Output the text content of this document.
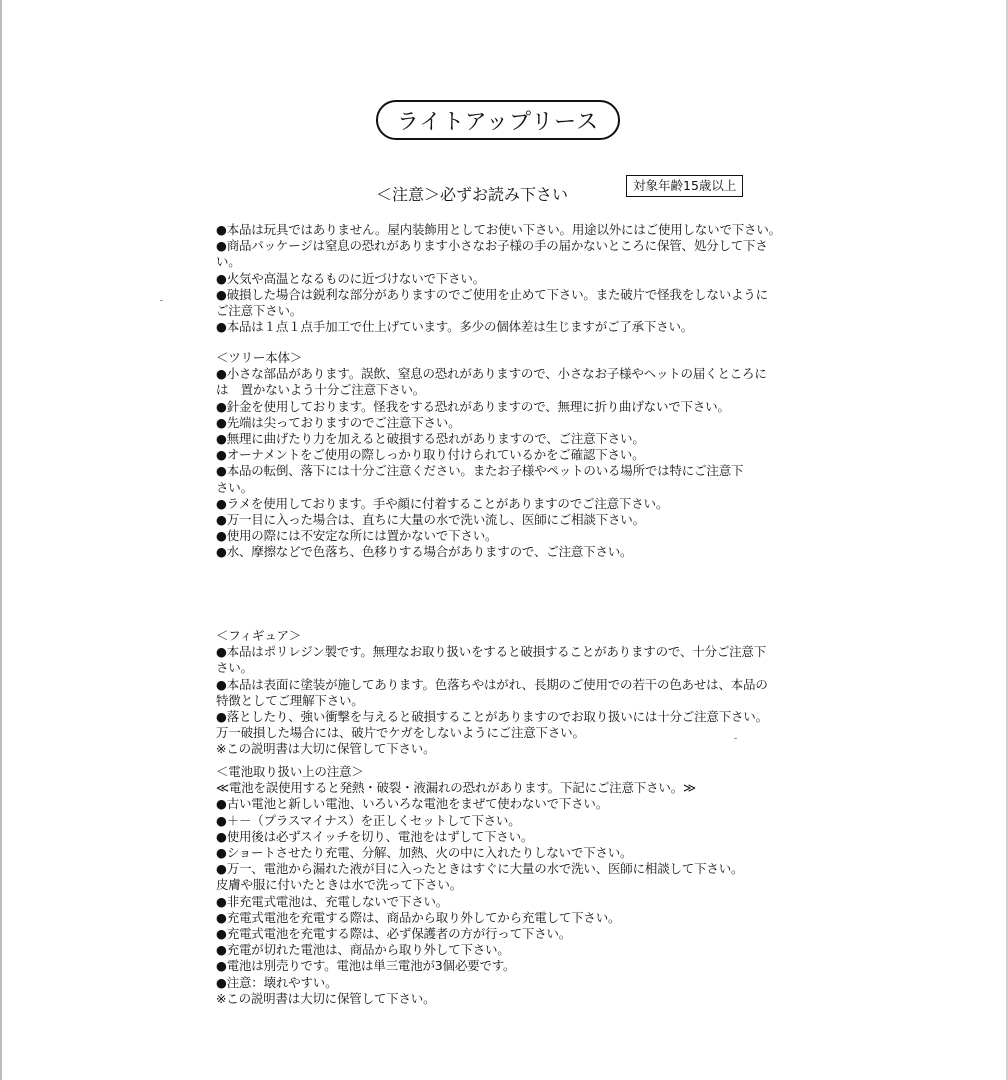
ライトアップリース
＜注意＞必ずお読み下さい	対象年齢15歳以上

●本品は玩具ではありません。屋内装飾用としてお使い下さい。用途以外にはご使用しないで下さい。

●商品パッケージは窒息の恐れがあります小さなお子様の手の届かないところに保管、処分して下さ

い。

●火気や高温となるものに近づけないで下さい。

●破損した場合は鋭利な部分がありますのでご使用を止めて下さい。また破片で怪我をしないように

ご注意下さい。

●本品は１点１点手加工で仕上げています。多少の個体差は生じますがご了承下さい。

＜ツリー本体＞

●小さな部品があります。誤飲、窒息の恐れがありますので、小さなお子様やヘットの届くところに

は　置かないよう十分ご注意下さい。

●針金を使用しております。怪我をする恐れがありますので、無理に折り曲げないで下さい。

●先端は尖っておりますのでご注意下さい。

●無理に曲げたり力を加えると破損する恐れがありますので、ご注意下さい。

●オーナメントをご使用の際しっかり取り付けられているかをご確認下さい。

●本品の転倒、落下には十分ご注意ください。またお子様やペットのいる場所では特にご注意下

さい。

●ラメを使用しております。手や顔に付着することがありますのでご注意下さい。

●万一目に入った場合は、直ちに大量の水で洗い流し、医師にご相談下さい。

●使用の際には不安定な所には置かないで下さい。

●水、摩擦などで色落ち、色移りする場合がありますので、ご注意下さい。

＜フィギュア＞

●本品はポリレジン製です。無理なお取り扱いをすると破損することがありますので、十分ご注意下

さい。

●本品は表面に塗装が施してあります。色落ちやはがれ、長期のご使用での若干の色あせは、本品の

特徴としてご理解下さい。

●落としたり、強い衝撃を与えると破損することがありますのでお取り扱いには十分ご注意下さい。

万一破損した場合には、破片でケガをしないようにご注意下さい。

※この説明書は大切に保管して下さい。

＜電池取り扱い上の注意＞

≪電池を誤使用すると発熱・破裂・液漏れの恐れがあります。下記にご注意下さい。≫

●古い電池と新しい電池、いろいろな電池をまぜて使わないで下さい。

●＋－（プラスマイナス）を正しくセットして下さい。

●使用後は必ずスイッチを切り、電池をはずして下さい。

●ショートさせたり充電、分解、加熱、火の中に入れたりしないで下さい。

●万一、電池から漏れた液が目に入ったときはすぐに大量の水で洗い、医師に相談して下さい。

皮膚や服に付いたときは水で洗って下さい。

●非充電式電池は、充電しないで下さい。

●充電式電池を充電する際は、商品から取り外してから充電して下さい。

●充電式電池を充電する際は、必ず保護者の方が行って下さい。

●充電が切れた電池は、商品から取り外して下さい。

●電池は別売りです。電池は単三電池が3個必要です。

●注意：壊れやすい。

※この説明書は大切に保管して下さい。
